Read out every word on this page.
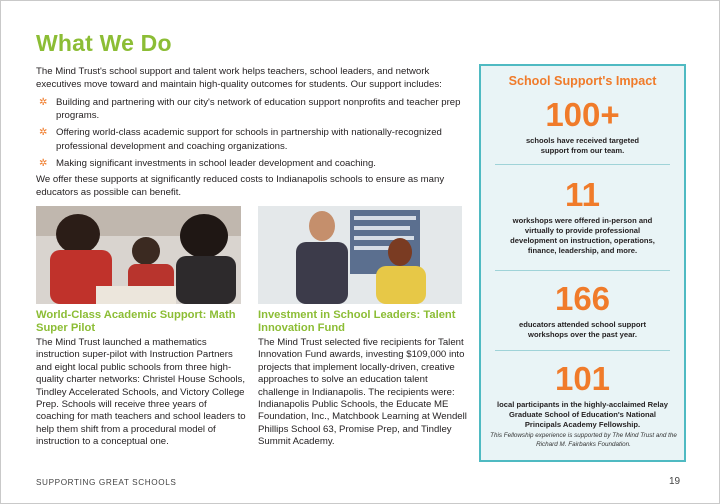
What We Do

The Mind Trust's school support and talent work helps teachers, school leaders, and network executives move toward and maintain high-quality outcomes for students. Our support includes:

✲ Building and partnering with our city's network of education support nonprofits and teacher prep programs.
✲ Offering world-class academic support for schools in partnership with nationally-recognized professional development and coaching organizations.
✲ Making significant investments in school leader development and coaching.

We offer these supports at significantly reduced costs to Indianapolis schools to ensure as many educators as possible can benefit.

World-Class Academic Support: Math Super Pilot

The Mind Trust launched a mathematics instruction super-pilot with Instruction Partners and eight local public schools from three high-quality charter networks: Christel House Schools, Tindley Accelerated Schools, and Victory College Prep. Schools will receive three years of coaching for math teachers and school leaders to help them shift from a procedural model of instruction to a conceptual one.

Investment in School Leaders: Talent Innovation Fund

The Mind Trust selected five recipients for Talent Innovation Fund awards, investing $109,000 into projects that implement locally-driven, creative approaches to solve an education talent challenge in Indianapolis. The recipients were: Indianapolis Public Schools, the Educate ME Foundation, Inc., Matchbook Learning at Wendell Phillips School 63, Promise Prep, and Tindley Summit Academy.

School Support's Impact
100+
schools have received targeted support from our team.
11
workshops were offered in-person and virtually to provide professional development on instruction, operations, finance, leadership, and more.
166
educators attended school support workshops over the past year.
101
local participants in the highly-acclaimed Relay Graduate School of Education's National Principals Academy Fellowship.

This Fellowship experience is supported by The Mind Trust and the Richard M. Fairbanks Foundation.

SUPPORTING GREAT SCHOOLS	19
